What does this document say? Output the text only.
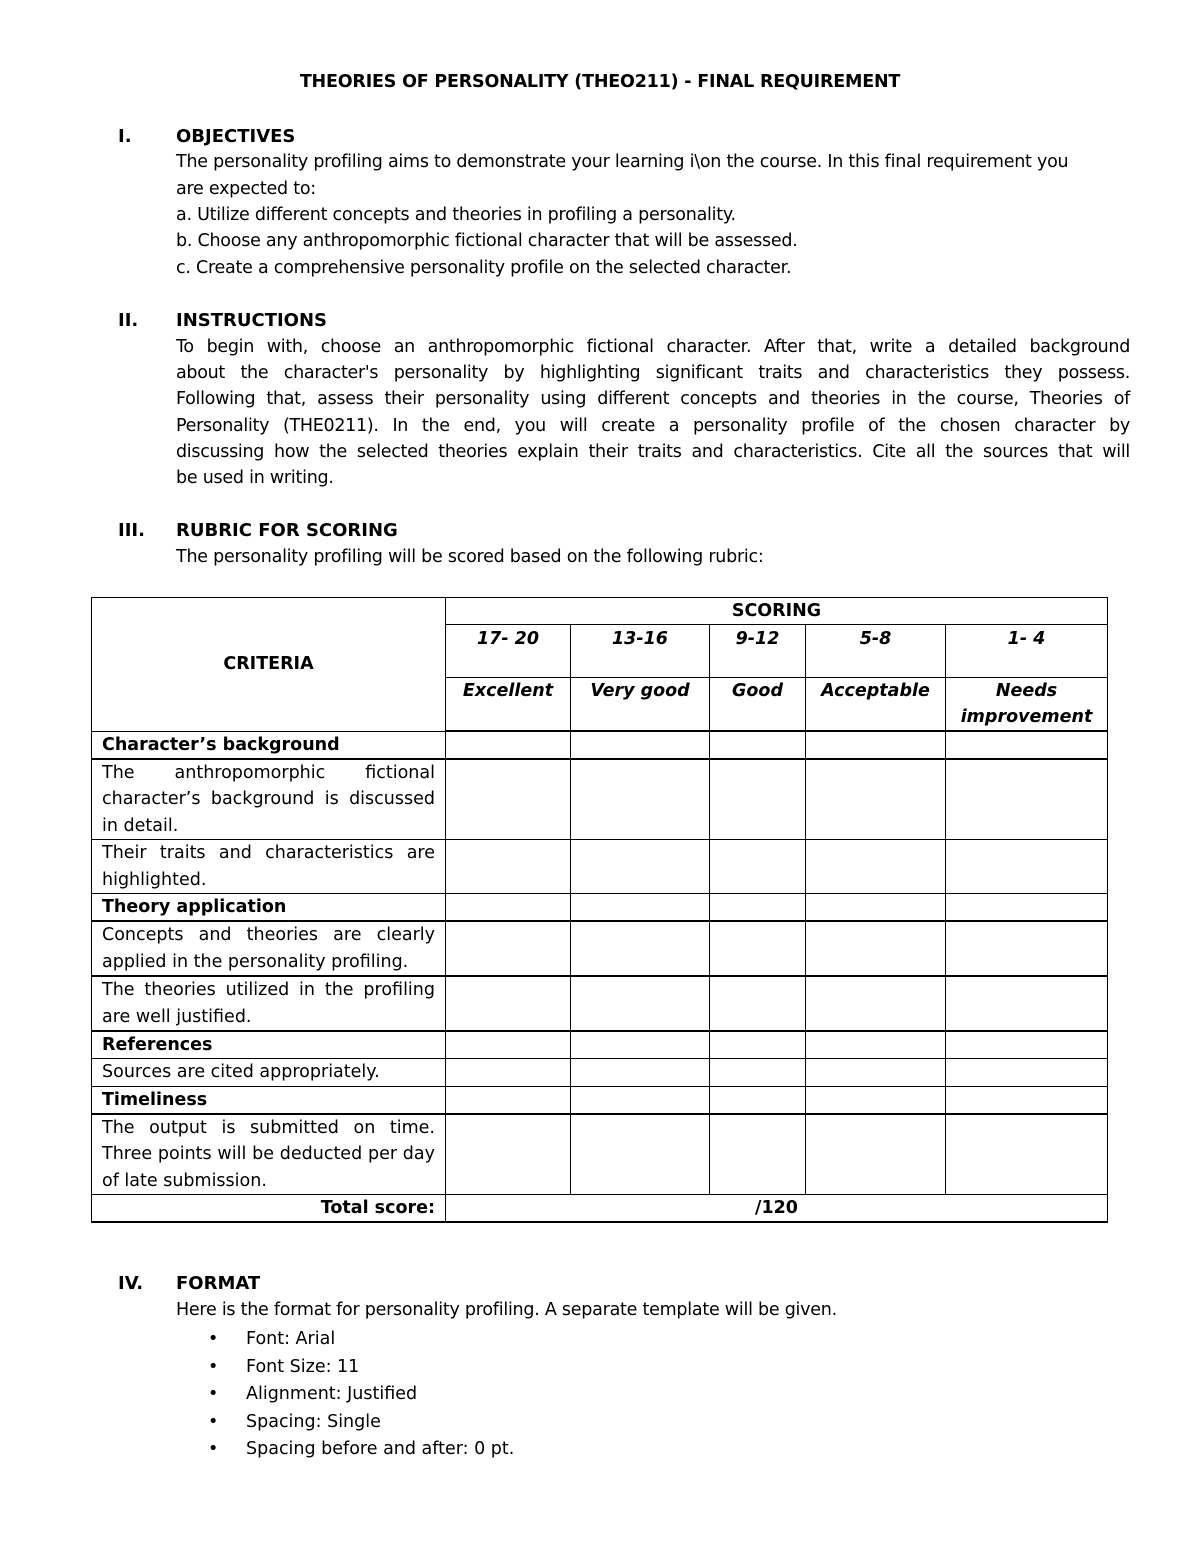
THEORIES OF PERSONALITY (THEO211) - FINAL REQUIREMENT
I. OBJECTIVES
The personality profiling aims to demonstrate your learning i\on the course. In this final requirement you
are expected to:
a. Utilize different concepts and theories in profiling a personality.
b. Choose any anthropomorphic fictional character that will be assessed.
c. Create a comprehensive personality profile on the selected character.
II. INSTRUCTIONS
To begin with, choose an anthropomorphic fictional character. After that, write a detailed background
about the character's personality by highlighting significant traits and characteristics they possess.
Following that, assess their personality using different concepts and theories in the course, Theories of
Personality (THE0211). In the end, you will create a personality profile of the chosen character by
discussing how the selected theories explain their traits and characteristics. Cite all the sources that will
be used in writing.
III. RUBRIC FOR SCORING
The personality profiling will be scored based on the following rubric:
CRITERIA	SCORING				
	17- 20	13-16	9-12	5-8	1- 4
	Excellent	Very good	Good	Acceptable	Needs improvement
Character’s background					
The anthropomorphic fictional character’s background is discussed in detail.					
Their traits and characteristics are highlighted.					
Theory application					
Concepts and theories are clearly applied in the personality profiling.					
The theories utilized in the profiling are well justified.					
References					
Sources are cited appropriately.					
Timeliness					
The output is submitted on time. Three points will be deducted per day of late submission.					
Total score:	/120				
IV. FORMAT
Here is the format for personality profiling. A separate template will be given.
• Font: Arial
• Font Size: 11
• Alignment: Justified
• Spacing: Single
• Spacing before and after: 0 pt.
